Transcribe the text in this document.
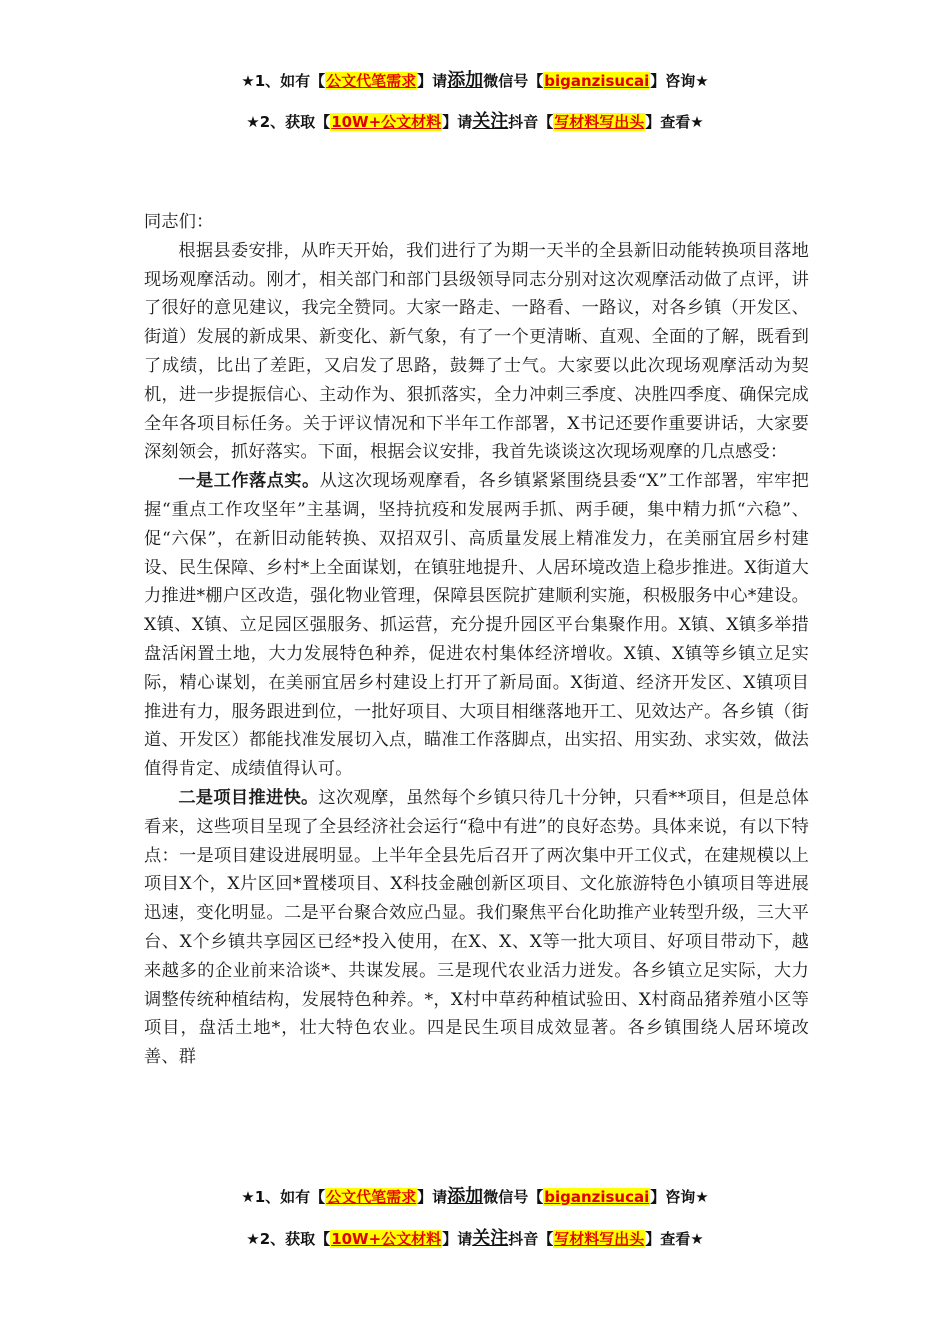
★1、如有【公文代笔需求】请添加微信号【biganzisucai】咨询★
★2、获取【10W+公文材料】请关注抖音【写材料写出头】查看★

同志们：

根据县委安排，从昨天开始，我们进行了为期一天半的全县新旧动能转换项目落地现场观摩活动。刚才，相关部门和部门县级领导同志分别对这次观摩活动做了点评，讲了很好的意见建议，我完全赞同。大家一路走、一路看、一路议，对各乡镇（开发区、街道）发展的新成果、新变化、新气象，有了一个更清晰、直观、全面的了解，既看到了成绩，比出了差距，又启发了思路，鼓舞了士气。大家要以此次现场观摩活动为契机，进一步提振信心、主动作为、狠抓落实，全力冲刺三季度、决胜四季度、确保完成全年各项目标任务。关于评议情况和下半年工作部署，X书记还要作重要讲话，大家要深刻领会，抓好落实。下面，根据会议安排，我首先谈谈这次现场观摩的几点感受：

一是工作落点实。从这次现场观摩看，各乡镇紧紧围绕县委“X”工作部署，牢牢把握“重点工作攻坚年”主基调，坚持抗疫和发展两手抓、两手硬，集中精力抓“六稳”、促“六保”，在新旧动能转换、双招双引、高质量发展上精准发力，在美丽宜居乡村建设、民生保障、乡村*上全面谋划，在镇驻地提升、人居环境改造上稳步推进。X街道大力推进*棚户区改造，强化物业管理，保障县医院扩建顺利实施，积极服务中心*建设。X镇、X镇、立足园区强服务、抓运营，充分提升园区平台集聚作用。X镇、X镇多举措盘活闲置土地，大力发展特色种养，促进农村集体经济增收。X镇、X镇等乡镇立足实际，精心谋划，在美丽宜居乡村建设上打开了新局面。X街道、经济开发区、X镇项目推进有力，服务跟进到位，一批好项目、大项目相继落地开工、见效达产。各乡镇（街道、开发区）都能找准发展切入点，瞄准工作落脚点，出实招、用实劲、求实效，做法值得肯定、成绩值得认可。

二是项目推进快。这次观摩，虽然每个乡镇只待几十分钟，只看**项目，但是总体看来，这些项目呈现了全县经济社会运行“稳中有进”的良好态势。具体来说，有以下特点：一是项目建设进展明显。上半年全县先后召开了两次集中开工仪式，在建规模以上项目X个，X片区回*置楼项目、X科技金融创新区项目、文化旅游特色小镇项目等进展迅速，变化明显。二是平台聚合效应凸显。我们聚焦平台化助推产业转型升级，三大平台、X个乡镇共享园区已经*投入使用，在X、X、X等一批大项目、好项目带动下，越来越多的企业前来洽谈*、共谋发展。三是现代农业活力迸发。各乡镇立足实际，大力调整传统种植结构，发展特色种养。*，X村中草药种植试验田、X村商品猪养殖小区等项目，盘活土地*，壮大特色农业。四是民生项目成效显著。各乡镇围绕人居环境改善、群

★1、如有【公文代笔需求】请添加微信号【biganzisucai】咨询★
★2、获取【10W+公文材料】请关注抖音【写材料写出头】查看★
